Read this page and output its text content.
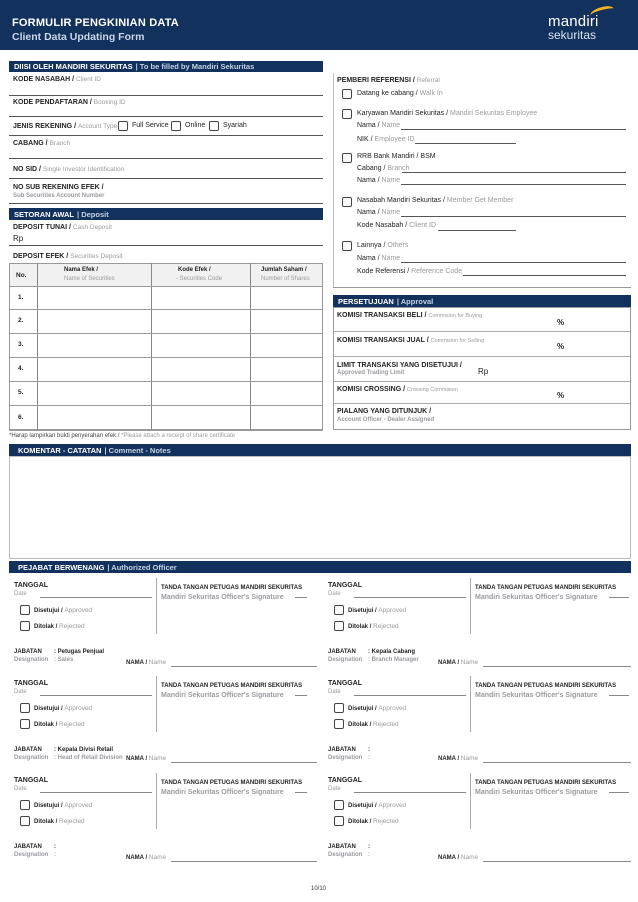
FORMULIR PENGKINIAN DATA
Client Data Updating Form
mandiri
sekuritas
DIISI OLEH MANDIRI SEKURITAS | To be filled by Mandiri Sekuritas
KODE NASABAH / Client ID
KODE PENDAFTARAN / Booking ID
JENIS REKENING / Account Type Full Service Online	Syariah
CABANG / Branch
NO SID / Single Investor Identification
NO SUB REKENING EFEK /
Sub Securities Account Number
SETORAN AWAL | Deposit
DEPOSIT TUNAI / Cash Deposit
Rp
DEPOSIT EFEK / Securities Deposit
No.
Nama Efek /
Name of Securities
Kode Efek /
- Securities Code
Jumlah Saham /
Number of Shares
1.
2.
3.
4.
5.
6.
*Harap lampirkan bukti penyerahan efek / *Please attach a receipt of share certificate
PEMBERI REFERENSI / Referral
Datang ke cabang / Walk In
Karyawan Mandiri Sekuritas / Mandiri Sekuritas Employee
Nama / Name
NIK / Employee ID
RRB Bank Mandiri / BSM
Cabang / Branch
Nama / Name
Nasabah Mandiri Sekuritas / Member Get Member
Nama / Name
Kode Nasabah / Client ID
Lainnya / Others
Nama / Name
Kode Referensi / Reference Code
PERSETUJUAN | Approval
KOMISI TRANSAKSI BELI / Commision for Buying
%
KOMISI TRANSAKSI JUAL / Commision for Selling
%
LIMIT TRANSAKSI YANG DISETUJUI /
Approved Trading Limit	Rp
KOMISI CROSSING / Crossing Commision
%
PIALANG YANG DITUNJUK /
Account Officer - Dealer Assigned
KOMENTAR - CATATAN | Comment - Notes
PEJABAT BERWENANG | Authorized Officer
TANGGAL
Date
TANDA TANGAN PETUGAS MANDIRI SEKURITAS
Mandiri Sekuritas Officer's Signature
Disetujui / Approved
Ditolak / Rejected
JABATAN : Petugas Penjual
Designation : Sales	NAMA / Name
TANGGAL
Date
TANDA TANGAN PETUGAS MANDIRI SEKURITAS
Mandiri Sekuritas Officer's Signature
Disetujui / Approved
Ditolak / Rejected
JABATAN : Kepala Cabang
Designation : Branch Manager	NAMA / Name
TANGGAL
Date
TANDA TANGAN PETUGAS MANDIRI SEKURITAS
Mandiri Sekuritas Officer's Signature
Disetujui / Approved
Ditolak / Rejected
JABATAN : Kepala Divisi Retail
Designation : Head of Retail Division NAMA / Name
TANGGAL
Date
TANDA TANGAN PETUGAS MANDIRI SEKURITAS
Mandiri Sekuritas Officer's Signature
Disetujui / Approved
Ditolak / Rejected
JABATAN :
Designation :	NAMA / Name
TANGGAL
Date
TANDA TANGAN PETUGAS MANDIRI SEKURITAS
Mandiri Sekuritas Officer's Signature
Disetujui / Approved
Ditolak / Rejected
JABATAN :
Designation :	NAMA / Name
TANGGAL
Date
TANDA TANGAN PETUGAS MANDIRI SEKURITAS
Mandiri Sekuritas Officer's Signature
Disetujui / Approved
Ditolak / Rejected
JABATAN :
Designation :	NAMA / Name
10/10
